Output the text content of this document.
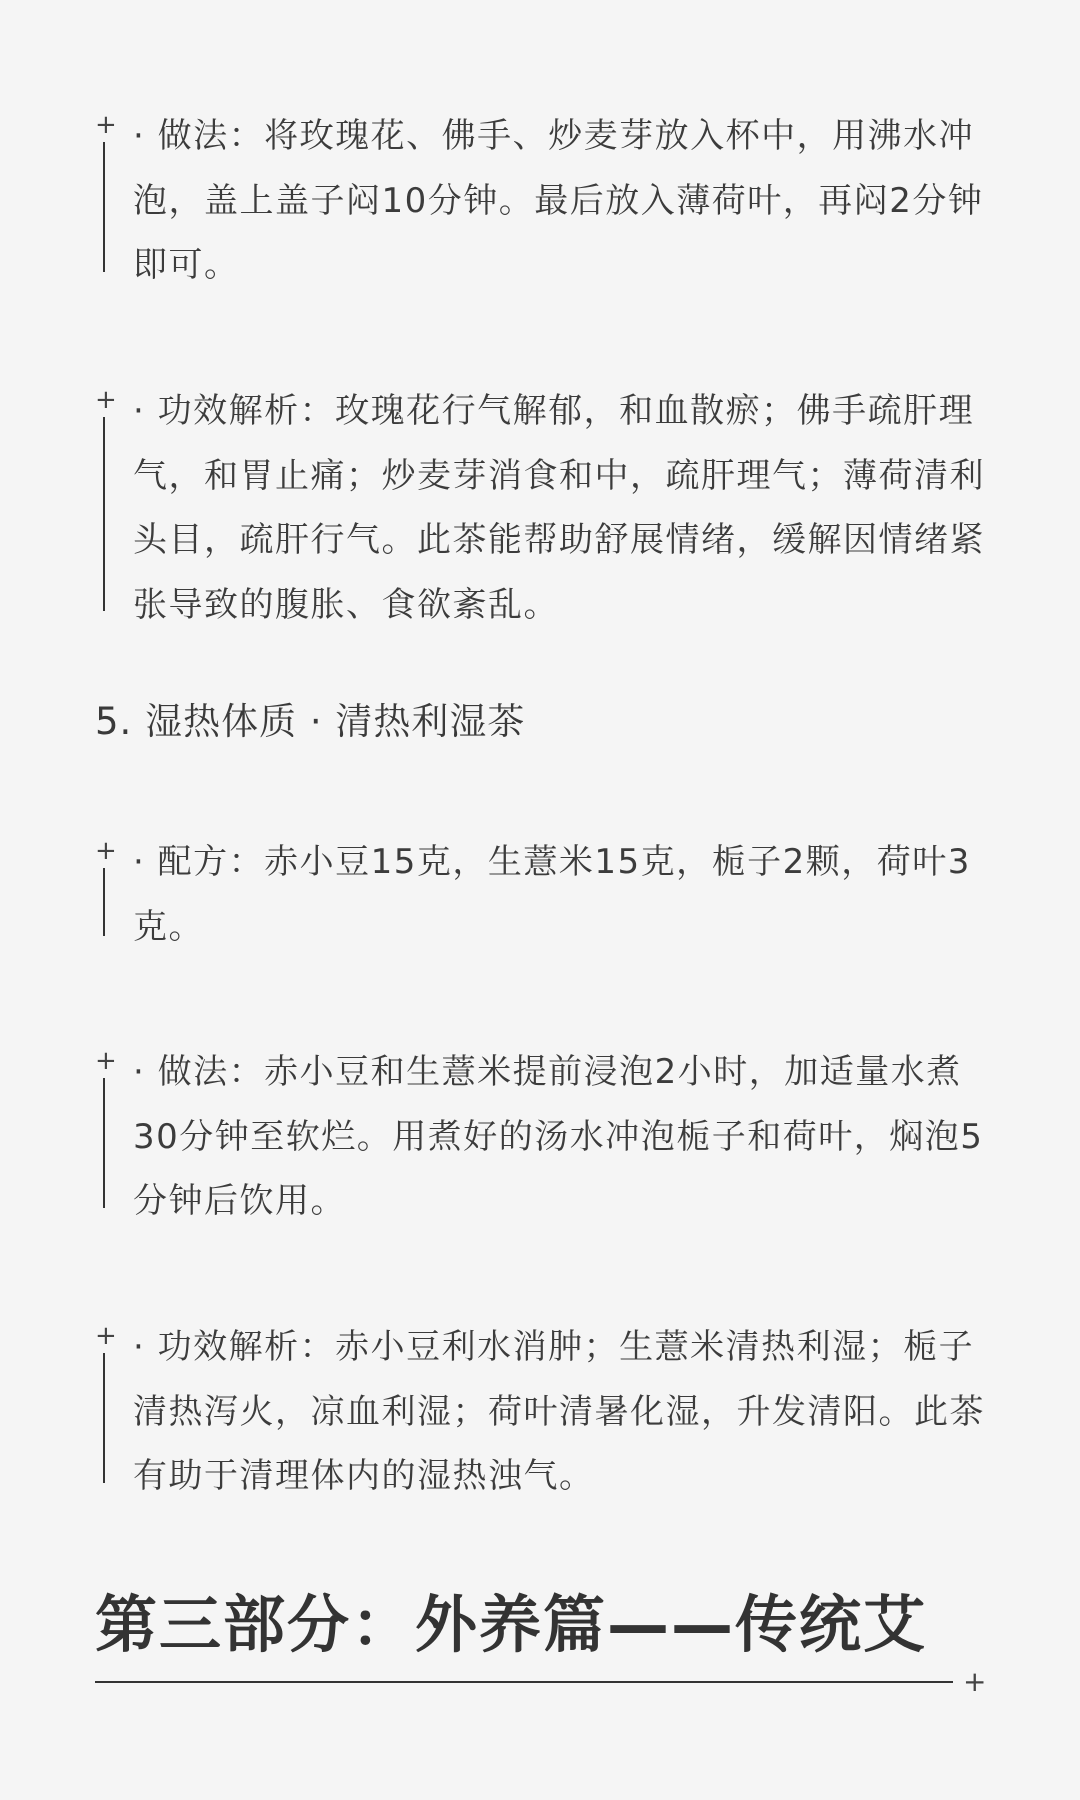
+ · 做法：将玫瑰花、佛手、炒麦芽放入杯中，用沸水冲泡，盖上盖子闷10分钟。最后放入薄荷叶，再闷2分钟即可。
+ · 功效解析：玫瑰花行气解郁，和血散瘀；佛手疏肝理气，和胃止痛；炒麦芽消食和中，疏肝理气；薄荷清利头目，疏肝行气。此茶能帮助舒展情绪，缓解因情绪紧张导致的腹胀、食欲紊乱。
5. 湿热体质 · 清热利湿茶
+ · 配方：赤小豆15克，生薏米15克，栀子2颗，荷叶3克。
+ · 做法：赤小豆和生薏米提前浸泡2小时，加适量水煮30分钟至软烂。用煮好的汤水冲泡栀子和荷叶，焖泡5分钟后饮用。
+ · 功效解析：赤小豆利水消肿；生薏米清热利湿；栀子清热泻火，凉血利湿；荷叶清暑化湿，升发清阳。此茶有助于清理体内的湿热浊气。
第三部分：外养篇——传统艾
+
